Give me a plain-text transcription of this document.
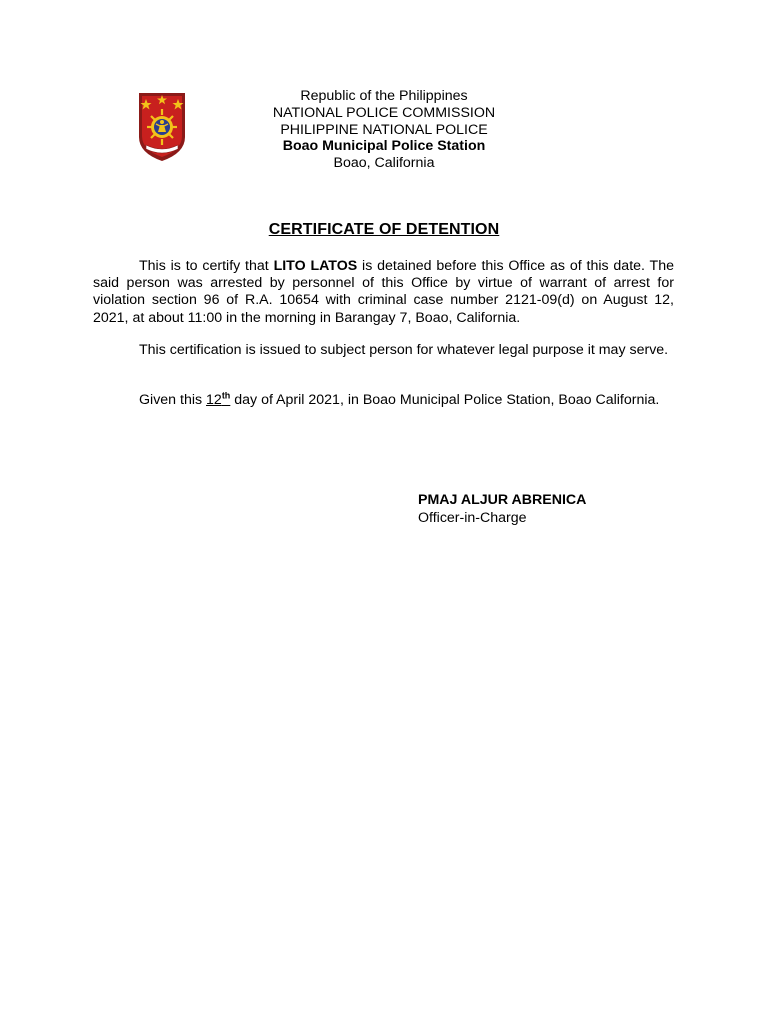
Republic of the Philippines
NATIONAL POLICE COMMISSION
PHILIPPINE NATIONAL POLICE
Boao Municipal Police Station
Boao, California
CERTIFICATE OF DETENTION
This is to certify that LITO LATOS is detained before this Office as of this date. The said person was arrested by personnel of this Office by virtue of warrant of arrest for violation section 96 of R.A. 10654 with criminal case number 2121-09(d) on August 12, 2021, at about 11:00 in the morning in Barangay 7, Boao, California.
This certification is issued to subject person for whatever legal purpose it may serve.
Given this 12th day of April 2021, in Boao Municipal Police Station, Boao California.
PMAJ ALJUR ABRENICA
Officer-in-Charge
